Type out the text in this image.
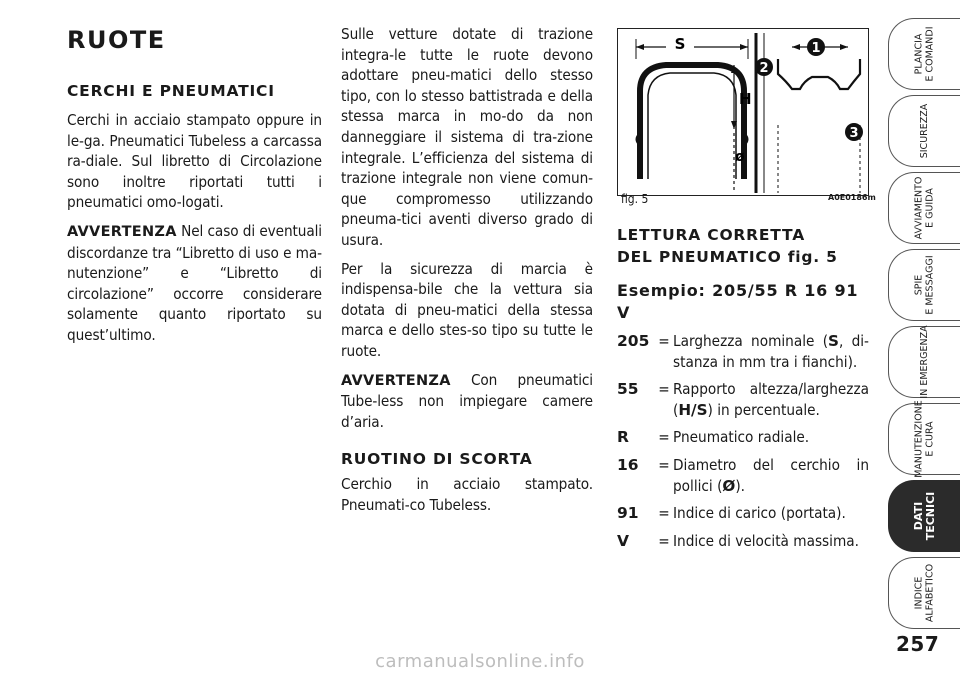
RUOTE
CERCHI E PNEUMATICI

Cerchi in acciaio stampato oppure in le-ga. Pneumatici Tubeless a carcassa ra-diale. Sul libretto di Circolazione sono inoltre riportati tutti i pneumatici omo-logati.

AVVERTENZA Nel caso di eventuali discordanze tra “Libretto di uso e ma-nutenzione” e “Libretto di circolazione” occorre considerare solamente quanto riportato su quest’ultimo.

Sulle vetture dotate di trazione integra-le tutte le ruote devono adottare pneu-matici dello stesso tipo, con lo stesso battistrada e della stessa marca in mo-do da non danneggiare il sistema di tra-zione integrale. L’efficienza del sistema di trazione integrale non viene comun-que compromesso utilizzando pneuma-tici aventi diverso grado di usura.

Per la sicurezza di marcia è indispensa-bile che la vettura sia dotata di pneu-matici della stessa marca e dello stes-so tipo su tutte le ruote.

AVVERTENZA Con pneumatici Tube-less non impiegare camere d’aria.

RUOTINO DI SCORTA

Cerchio in acciaio stampato. Pneumati-co Tubeless.

S
H
ø
1
2
3
fig. 5	A0E0186m
LETTURA CORRETTA
DEL PNEUMATICO fig. 5
Esempio: 205/55 R 16 91 V
205 = Larghezza nominale (S, di-stanza in mm tra i fianchi).
55	= Rapporto altezza/larghezza (H/S) in percentuale.
R	= Pneumatico radiale.
16	= Diametro del cerchio in pollici (Ø).
91	= Indice di carico (portata).
V	= Indice di velocità massima.
PLANCIA
E COMANDI
SICUREZZA
AVVIAMENTO
E GUIDA
SPIE
E MESSAGGI
IN EMERGENZA
MANUTENZIONE
E CURA
DATI
TECNICI
INDICE
ALFABETICO
257
carmanualsonline.info
